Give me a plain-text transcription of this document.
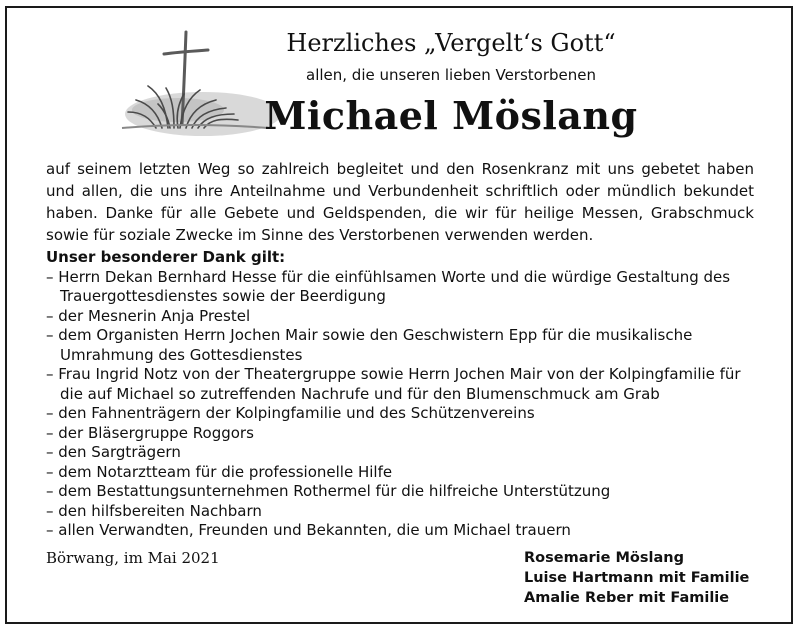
Herzliches „Vergelt‘s Gott“
allen, die unseren lieben Verstorbenen
Michael Möslang
auf seinem letzten Weg so zahlreich begleitet und den Rosenkranz mit uns gebetet haben und allen, die uns ihre Anteilnahme und Verbundenheit schriftlich oder mündlich bekundet haben. Danke für alle Gebete und Geldspenden, die wir für heilige Messen, Grabschmuck sowie für soziale Zwecke im Sinne des Verstorbenen verwenden werden.
Unser besonderer Dank gilt:
– Herrn Dekan Bernhard Hesse für die einfühlsamen Worte und die würdige Gestaltung des Trauergottesdienstes sowie der Beerdigung
– der Mesnerin Anja Prestel
– dem Organisten Herrn Jochen Mair sowie den Geschwistern Epp für die musikalische Umrahmung des Gottesdienstes
– Frau Ingrid Notz von der Theatergruppe sowie Herrn Jochen Mair von der Kolpingfamilie für die auf Michael so zutreffenden Nachrufe und für den Blumenschmuck am Grab
– den Fahnenträgern der Kolpingfamilie und des Schützenvereins
– der Bläsergruppe Roggors
– den Sargträgern
– dem Notarztteam für die professionelle Hilfe
– dem Bestattungsunternehmen Rothermel für die hilfreiche Unterstützung
– den hilfsbereiten Nachbarn
– allen Verwandten, Freunden und Bekannten, die um Michael trauern
Börwang, im Mai 2021	Rosemarie Möslang
Luise Hartmann mit Familie
Amalie Reber mit Familie
